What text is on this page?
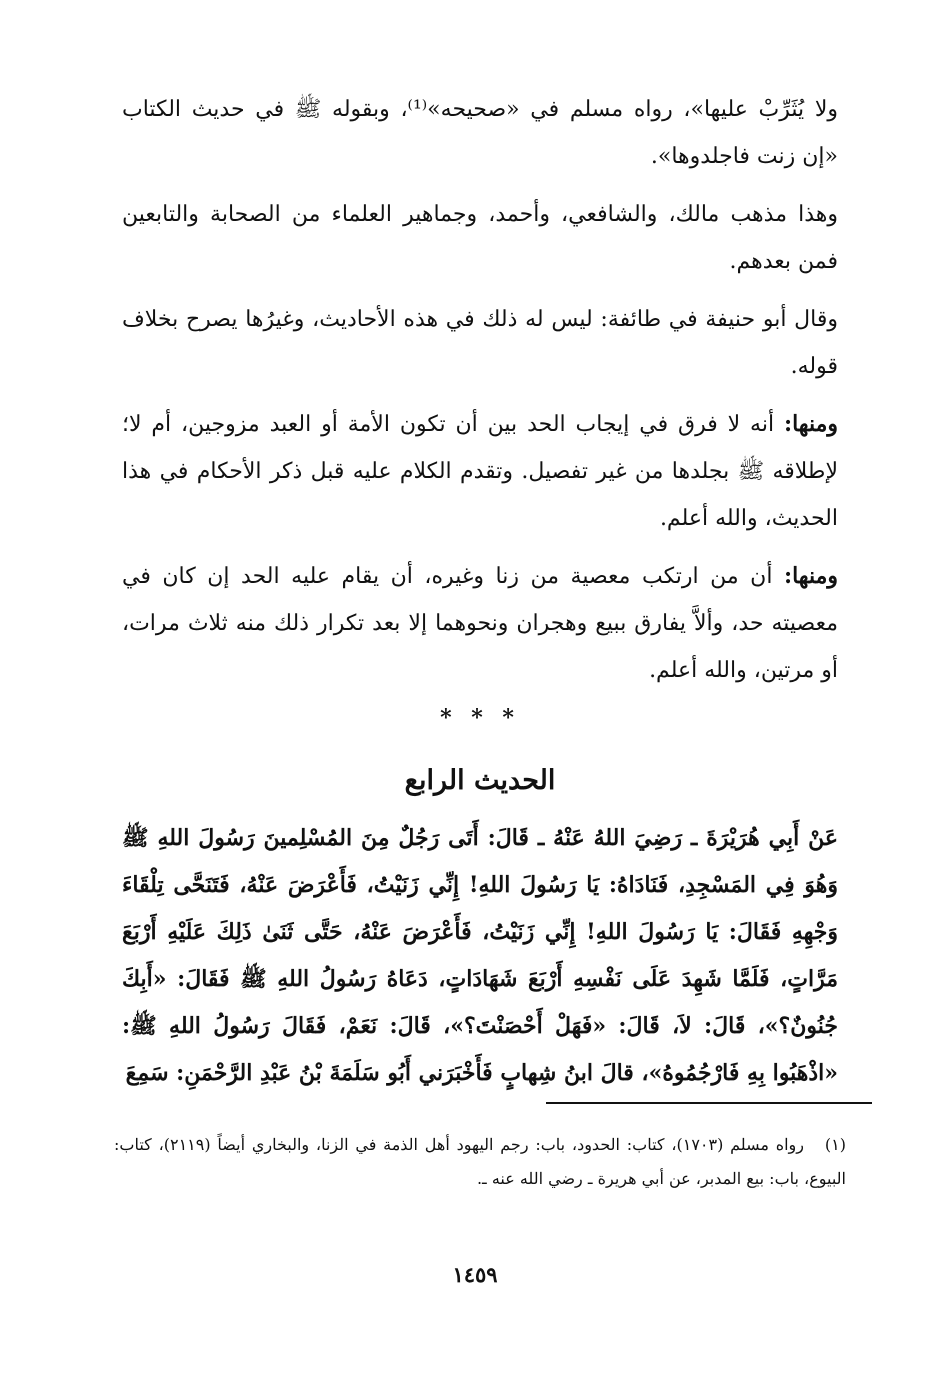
ولا يُثَرِّبْ عليها»، رواه مسلم في «صحيحه»⁽¹⁾، وبقوله ﷺ في حديث الكتاب «إن زنت فاجلدوها».

وهذا مذهب مالك، والشافعي، وأحمد، وجماهير العلماء من الصحابة والتابعين فمن بعدهم.

وقال أبو حنيفة في طائفة: ليس له ذلك في هذه الأحاديث، وغيرُها يصرح بخلاف قوله.

ومنها: أنه لا فرق في إيجاب الحد بين أن تكون الأمة أو العبد مزوجين، أم لا؛ لإطلاقه ﷺ بجلدها من غير تفصيل. وتقدم الكلام عليه قبل ذكر الأحكام في هذا الحديث، والله أعلم.

ومنها: أن من ارتكب معصية من زنا وغيره، أن يقام عليه الحد إن كان في معصيته حد، وألاَّ يفارق ببيع وهجران ونحوهما إلا بعد تكرار ذلك منه ثلاث مرات، أو مرتين، والله أعلم.

* * *
الحديث الرابع

عَنْ أَبِي هُرَيْرَةَ ـ رَضِيَ اللهُ عَنْهُ ـ قَالَ: أَتَى رَجُلٌ مِنَ المُسْلِمينَ رَسُولَ اللهِ ﷺ وَهُوَ فِي المَسْجِدِ، فَنَادَاهُ: يَا رَسُولَ اللهِ! إِنِّي زَنَيْتُ، فَأَعْرَضَ عَنْهُ، فَتَنَحَّى تِلْقَاءَ وَجْهِهِ فَقَالَ: يَا رَسُولَ اللهِ! إِنِّي زَنَيْتُ، فَأَعْرَضَ عَنْهُ، حَتَّى ثَنَىٰ ذَلِكَ عَلَيْهِ أَرْبَعَ مَرَّاتٍ، فَلَمَّا شَهِدَ عَلَى نَفْسِهِ أَرْبَعَ شَهَادَاتٍ، دَعَاهُ رَسُولُ اللهِ ﷺ فَقَالَ: «أَبِكَ جُنُونٌ؟»، قَالَ: لاَ، قَالَ: «فَهَلْ أَحْصَنْتَ؟»، قَالَ: نَعَمْ، فَقَالَ رَسُولُ اللهِ ﷺ: «اذْهَبُوا بِهِ فَارْجُمُوهُ»، قالَ ابنُ شِهابٍ فَأَخْبَرَني أَبُو سَلَمَةَ بْنُ عَبْدِ الرَّحْمَنِ: سَمِعَ

(١)رواه مسلم (١٧٠٣)، كتاب: الحدود، باب: رجم اليهود أهل الذمة في الزنا، والبخاري أيضاً (٢١١٩)، كتاب: البيوع، باب: بيع المدبر، عن أبي هريرة ـ رضي الله عنه ـ.
١٤٥٩
